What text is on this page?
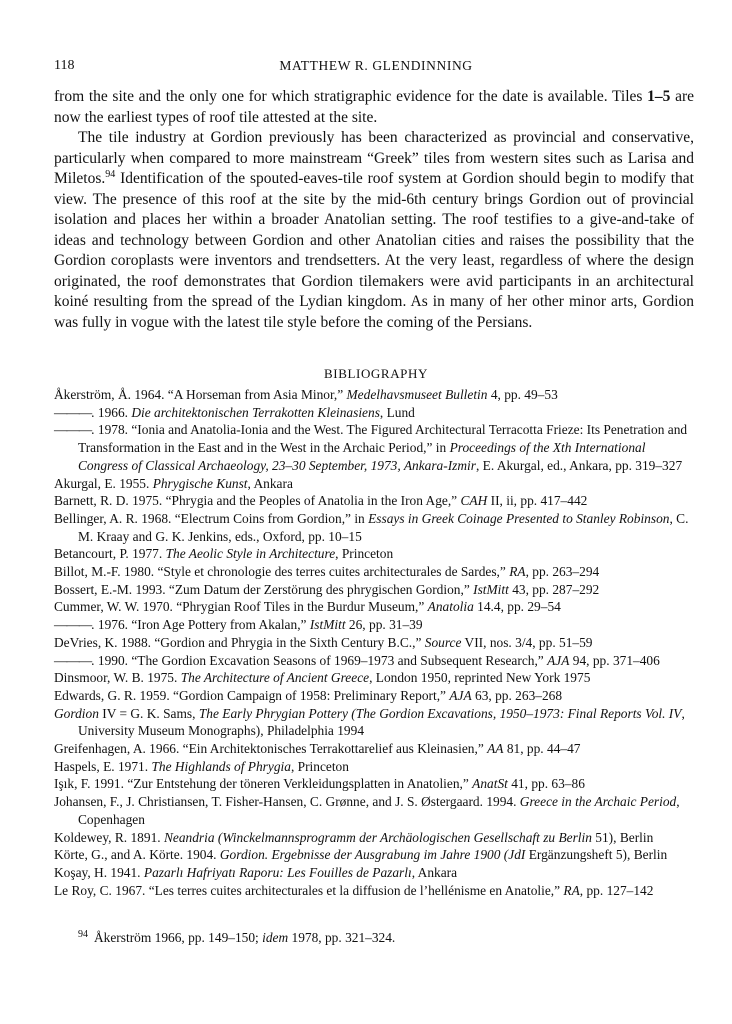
118	MATTHEW R. GLENDINNING

from the site and the only one for which stratigraphic evidence for the date is available. Tiles 1–5 are now the earliest types of roof tile attested at the site.

The tile industry at Gordion previously has been characterized as provincial and conservative, particularly when compared to more mainstream “Greek” tiles from western sites such as Larisa and Miletos.$^{94}$ Identification of the spouted-eaves-tile roof system at Gordion should begin to modify that view. The presence of this roof at the site by the mid-6th century brings Gordion out of provincial isolation and places her within a broader Anatolian setting. The roof testifies to a give-and-take of ideas and technology between Gordion and other Anatolian cities and raises the possibility that the Gordion coroplasts were inventors and trendsetters. At the very least, regardless of where the design originated, the roof demonstrates that Gordion tilemakers were avid participants in an architectural koiné resulting from the spread of the Lydian kingdom. As in many of her other minor arts, Gordion was fully in vogue with the latest tile style before the coming of the Persians.

BIBLIOGRAPHY

Åkerström, Å. 1964. “A Horseman from Asia Minor,” Medelhavsmuseet Bulletin 4, pp. 49–53

———. 1966. Die architektonischen Terrakotten Kleinasiens, Lund

———. 1978. “Ionia and Anatolia-Ionia and the West. The Figured Architectural Terracotta Frieze: Its Penetration and Transformation in the East and in the West in the Archaic Period,” in Proceedings of the Xth International Congress of Classical Archaeology, 23–30 September, 1973, Ankara-Izmir, E. Akurgal, ed., Ankara, pp. 319–327

Akurgal, E. 1955. Phrygische Kunst, Ankara

Barnett, R. D. 1975. “Phrygia and the Peoples of Anatolia in the Iron Age,” CAH II, ii, pp. 417–442

Bellinger, A. R. 1968. “Electrum Coins from Gordion,” in Essays in Greek Coinage Presented to Stanley Robinson, C. M. Kraay and G. K. Jenkins, eds., Oxford, pp. 10–15

Betancourt, P. 1977. The Aeolic Style in Architecture, Princeton

Billot, M.-F. 1980. “Style et chronologie des terres cuites architecturales de Sardes,” RA, pp. 263–294

Bossert, E.-M. 1993. “Zum Datum der Zerstörung des phrygischen Gordion,” IstMitt 43, pp. 287–292

Cummer, W. W. 1970. “Phrygian Roof Tiles in the Burdur Museum,” Anatolia 14.4, pp. 29–54

———. 1976. “Iron Age Pottery from Akalan,” IstMitt 26, pp. 31–39

DeVries, K. 1988. “Gordion and Phrygia in the Sixth Century B.C.,” Source VII, nos. 3/4, pp. 51–59

———. 1990. “The Gordion Excavation Seasons of 1969–1973 and Subsequent Research,” AJA 94, pp. 371–406

Dinsmoor, W. B. 1975. The Architecture of Ancient Greece, London 1950, reprinted New York 1975

Edwards, G. R. 1959. “Gordion Campaign of 1958: Preliminary Report,” AJA 63, pp. 263–268

Gordion IV = G. K. Sams, The Early Phrygian Pottery (The Gordion Excavations, 1950–1973: Final Reports Vol. IV, University Museum Monographs), Philadelphia 1994

Greifenhagen, A. 1966. “Ein Architektonisches Terrakottarelief aus Kleinasien,” AA 81, pp. 44–47

Haspels, E. 1971. The Highlands of Phrygia, Princeton

Işık, F. 1991. “Zur Entstehung der töneren Verkleidungsplatten in Anatolien,” AnatSt 41, pp. 63–86

Johansen, F., J. Christiansen, T. Fisher-Hansen, C. Grønne, and J. S. Østergaard. 1994. Greece in the Archaic Period, Copenhagen

Koldewey, R. 1891. Neandria (Winckelmannsprogramm der Archäologischen Gesellschaft zu Berlin 51), Berlin

Körte, G., and A. Körte. 1904. Gordion. Ergebnisse der Ausgrabung im Jahre 1900 (JdI Ergänzungsheft 5), Berlin

Koşay, H. 1941. Pazarlı Hafriyatı Raporu: Les Fouilles de Pazarlı, Ankara

Le Roy, C. 1967. “Les terres cuites architecturales et la diffusion de l’hellénisme en Anatolie,” RA, pp. 127–142

$^{94}$ Åkerström 1966, pp. 149–150; idem 1978, pp. 321–324.
